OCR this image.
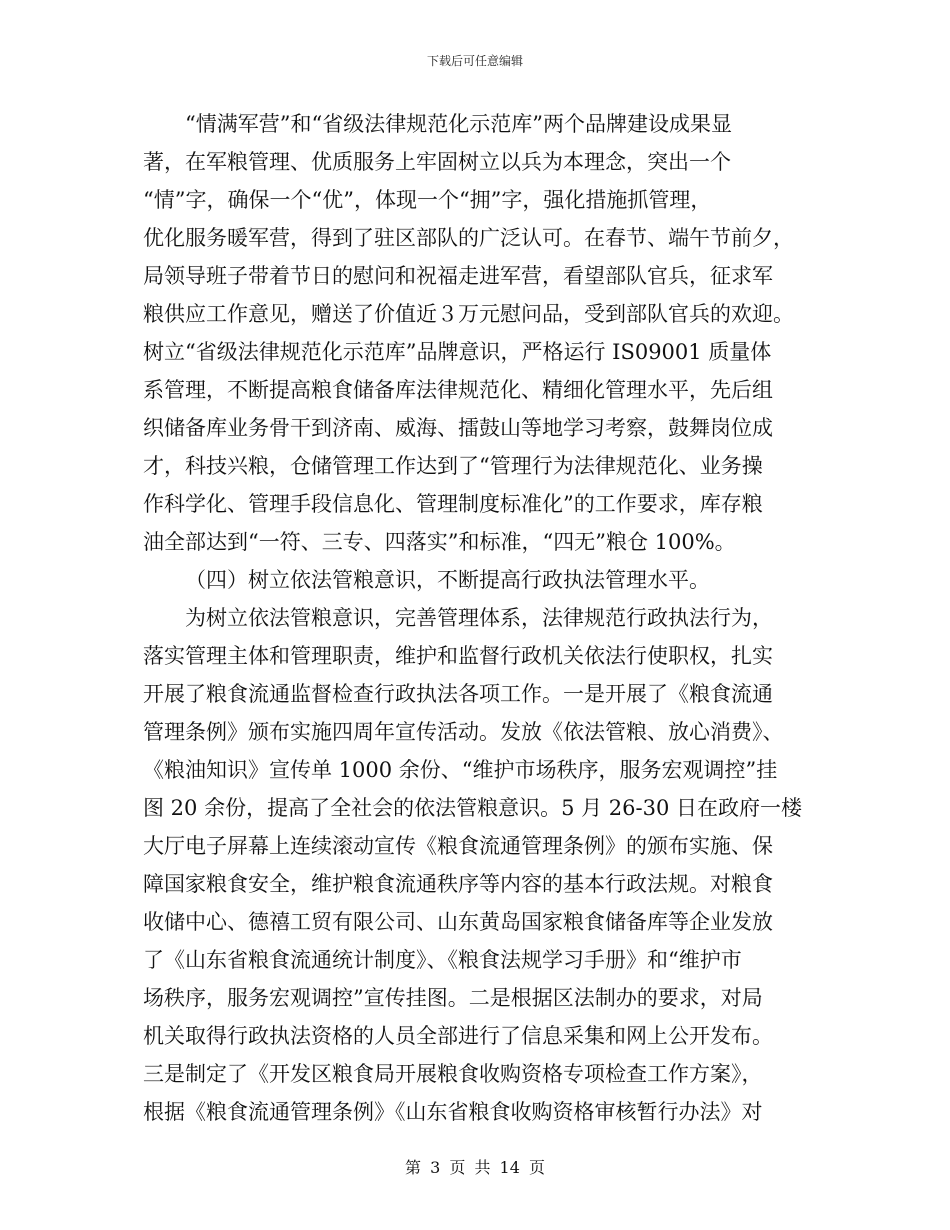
下载后可任意编辑
“情满军营”和“省级法律规范化示范库”两个品牌建设成果显
著，在军粮管理、优质服务上牢固树立以兵为本理念，突出一个
“情”字，确保一个“优”，体现一个“拥”字，强化措施抓管理，
优化服务暖军营，得到了驻区部队的广泛认可。在春节、端午节前夕，
局领导班子带着节日的慰问和祝福走进军营，看望部队官兵，征求军
粮供应工作意见，赠送了价值近３万元慰问品，受到部队官兵的欢迎。
树立“省级法律规范化示范库”品牌意识，严格运行 IS09001 质量体
系管理，不断提高粮食储备库法律规范化、精细化管理水平，先后组
织储备库业务骨干到济南、威海、擂鼓山等地学习考察，鼓舞岗位成
才，科技兴粮，仓储管理工作达到了“管理行为法律规范化、业务操
作科学化、管理手段信息化、管理制度标准化”的工作要求，库存粮
油全部达到“一符、三专、四落实”和标准，“四无”粮仓 100%。
（四）树立依法管粮意识，不断提高行政执法管理水平。
为树立依法管粮意识，完善管理体系，法律规范行政执法行为，
落实管理主体和管理职责，维护和监督行政机关依法行使职权，扎实
开展了粮食流通监督检查行政执法各项工作。一是开展了《粮食流通
管理条例》颁布实施四周年宣传活动。发放《依法管粮、放心消费》、
《粮油知识》宣传单 1000 余份、“维护市场秩序，服务宏观调控”挂
图 20 余份，提高了全社会的依法管粮意识。5 月 26-30 日在政府一楼
大厅电子屏幕上连续滚动宣传《粮食流通管理条例》的颁布实施、保
障国家粮食安全，维护粮食流通秩序等内容的基本行政法规。对粮食
收储中心、德禧工贸有限公司、山东黄岛国家粮食储备库等企业发放
了《山东省粮食流通统计制度》、《粮食法规学习手册》和“维护市
场秩序，服务宏观调控”宣传挂图。二是根据区法制办的要求，对局
机关取得行政执法资格的人员全部进行了信息采集和网上公开发布。
三是制定了《开发区粮食局开展粮食收购资格专项检查工作方案》，
根据《粮食流通管理条例》《山东省粮食收购资格审核暂行办法》对
第 3 页 共 14 页
